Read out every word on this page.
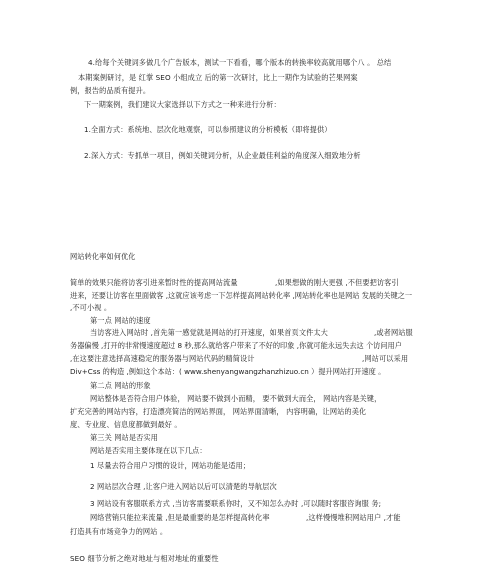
4.给每个关键词多做几个广告版本，测试一下看看，哪个版本的转换率较高就用哪个八 。 总结
本期案例研讨，是 红掌 SEO 小组成立 后的第一次研讨，比上一期作为试验的芒果网案
例，报告的品质有提升。
下一期案例，我们建议大家选择以下方式之一种来进行分析：
1.全面方式：系统地、层次化地观察，可以参照建议的分析模板（即将提供）
2.深入方式：专抓单一项目，例如关键词分析，从企业最佳利益的角度深入细致地分析
网站转化率如何优化
简单的效果只能将访客引进来暂时性的提高网站流量	,如果想做的刚大更强 ,不但要把访客引
进来，还要让访客在里面做客 ,这就应该考虑一下怎样提高网站转化率 ,网站转化率也是网站 发展的关键之一
,不可小视 。
第一点 网站的速度
当访客进入网站时 ,首先第一感觉就是网站的打开速度，如果首页文件太大	,或者网站服
务器偏慢 ,打开的非常慢速度超过 8 秒,那么就给客户带来了不好的印象 ,你就可能永远失去这 个访问用户
,在这要注意选择高速稳定的服务器与网站代码的精简设计	,网站可以采用
Div+Css 的构造 ,例如这个本站：( www.shenyangwangzhanzhizuo.cn ）提升网站打开速度 。
第二点 网站的形象
网站整体是否符合用户体验， 网站要不做到小而精， 要不做到大而全， 网站内容是关键，
扩充完善的网站内容，打造漂亮简洁的网站界面， 网站界面清晰， 内容明确，让网站的美化
度、专业度、信息度都做到最好 。
第三关 网站是否实用
网站是否实用主要体现在以下几点：
1 尽量去符合用户习惯的设计，网站功能是适用；
2 网站层次合理 ,让客户进入网站以后可以清楚的导航层次
3 网站设有客服联系方式 ,当访客需要联系你时，又不知怎么办时 ,可以随时客服咨询服 务;
网络营销只能拉来流量 ,但是最重要的是怎样提高转化率	,这样慢慢堆积网站用户 ,才能
打造具有市场竞争力的网站 。
SEO 细节分析之绝对地址与相对地址的重要性
